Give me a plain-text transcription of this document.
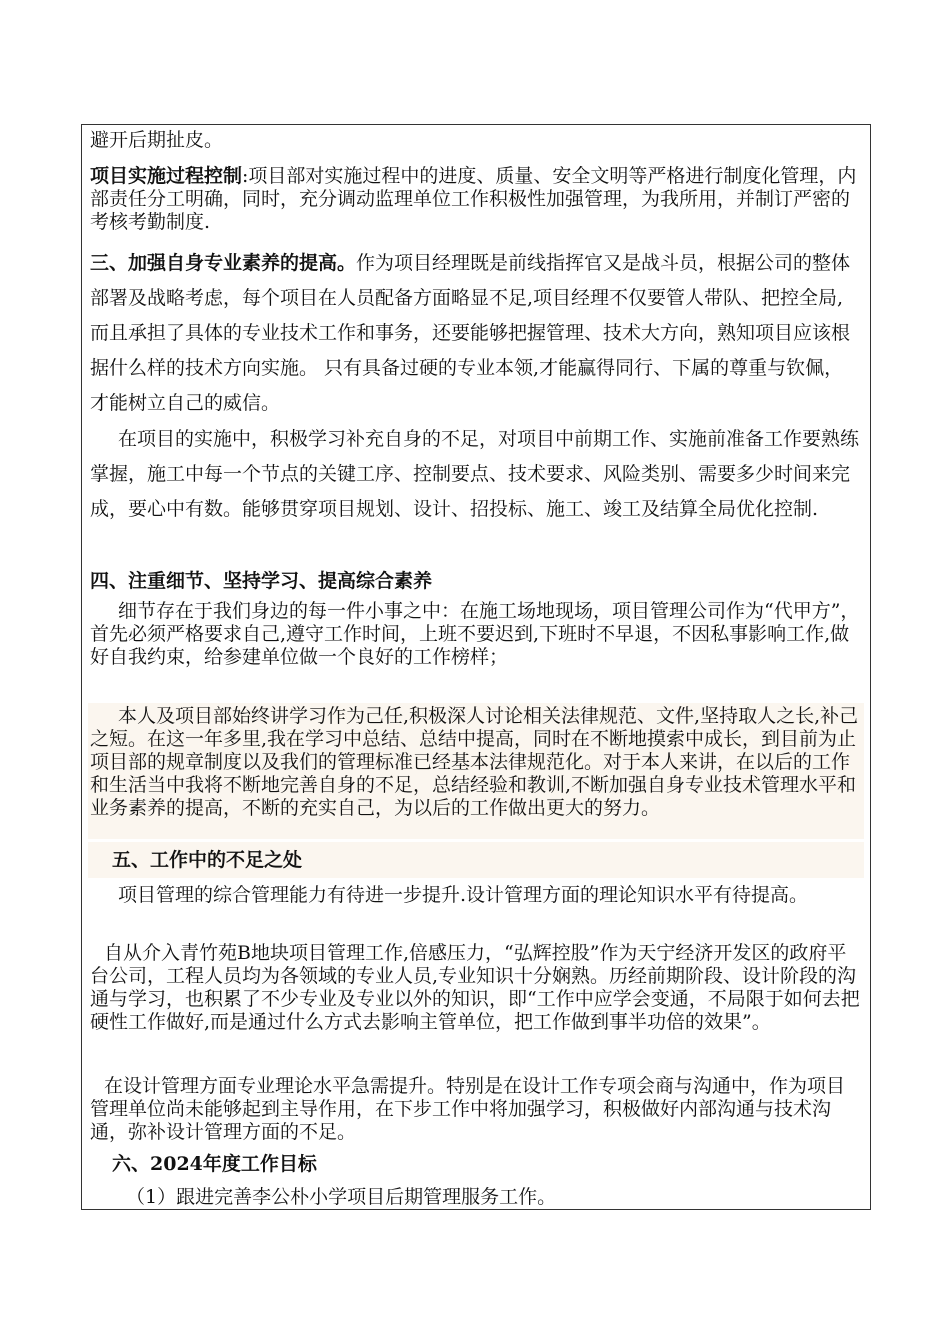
避开后期扯皮。

项目实施过程控制:项目部对实施过程中的进度、质量、安全文明等严格进行制度化管理，内部责任分工明确，同时，充分调动监理单位工作积极性加强管理，为我所用，并制订严密的考核考勤制度.

三、加强自身专业素养的提高。作为项目经理既是前线指挥官又是战斗员，根据公司的整体部署及战略考虑，每个项目在人员配备方面略显不足,项目经理不仅要管人带队、把控全局,而且承担了具体的专业技术工作和事务，还要能够把握管理、技术大方向，熟知项目应该根据什么样的技术方向实施。 只有具备过硬的专业本领,才能赢得同行、下属的尊重与钦佩，才能树立自己的威信。

在项目的实施中，积极学习补充自身的不足，对项目中前期工作、实施前准备工作要熟练掌握，施工中每一个节点的关键工序、控制要点、技术要求、风险类别、需要多少时间来完成，要心中有数。能够贯穿项目规划、设计、招投标、施工、竣工及结算全局优化控制.

四、注重细节、坚持学习、提高综合素养

细节存在于我们身边的每一件小事之中：在施工场地现场，项目管理公司作为“代甲方”，首先必须严格要求自己,遵守工作时间，上班不要迟到,下班时不早退，不因私事影响工作,做好自我约束，给参建单位做一个良好的工作榜样；

本人及项目部始终讲学习作为己任,积极深人讨论相关法律规范、文件,坚持取人之长,补己之短。在这一年多里,我在学习中总结、总结中提高，同时在不断地摸索中成长，到目前为止项目部的规章制度以及我们的管理标准已经基本法律规范化。对于本人来讲，在以后的工作和生活当中我将不断地完善自身的不足，总结经验和教训,不断加强自身专业技术管理水平和业务素养的提高，不断的充实自己，为以后的工作做出更大的努力。

五、工作中的不足之处

项目管理的综合管理能力有待进一步提升.设计管理方面的理论知识水平有待提高。

自从介入青竹苑B地块项目管理工作,倍感压力，“弘辉控股”作为天宁经济开发区的政府平台公司，工程人员均为各领域的专业人员,专业知识十分娴熟。历经前期阶段、设计阶段的沟通与学习，也积累了不少专业及专业以外的知识，即“工作中应学会变通，不局限于如何去把硬性工作做好,而是通过什么方式去影响主管单位，把工作做到事半功倍的效果”。

在设计管理方面专业理论水平急需提升。特别是在设计工作专项会商与沟通中，作为项目管理单位尚未能够起到主导作用，在下步工作中将加强学习，积极做好内部沟通与技术沟通，弥补设计管理方面的不足。

六、2024年度工作目标

（1）跟进完善李公朴小学项目后期管理服务工作。
